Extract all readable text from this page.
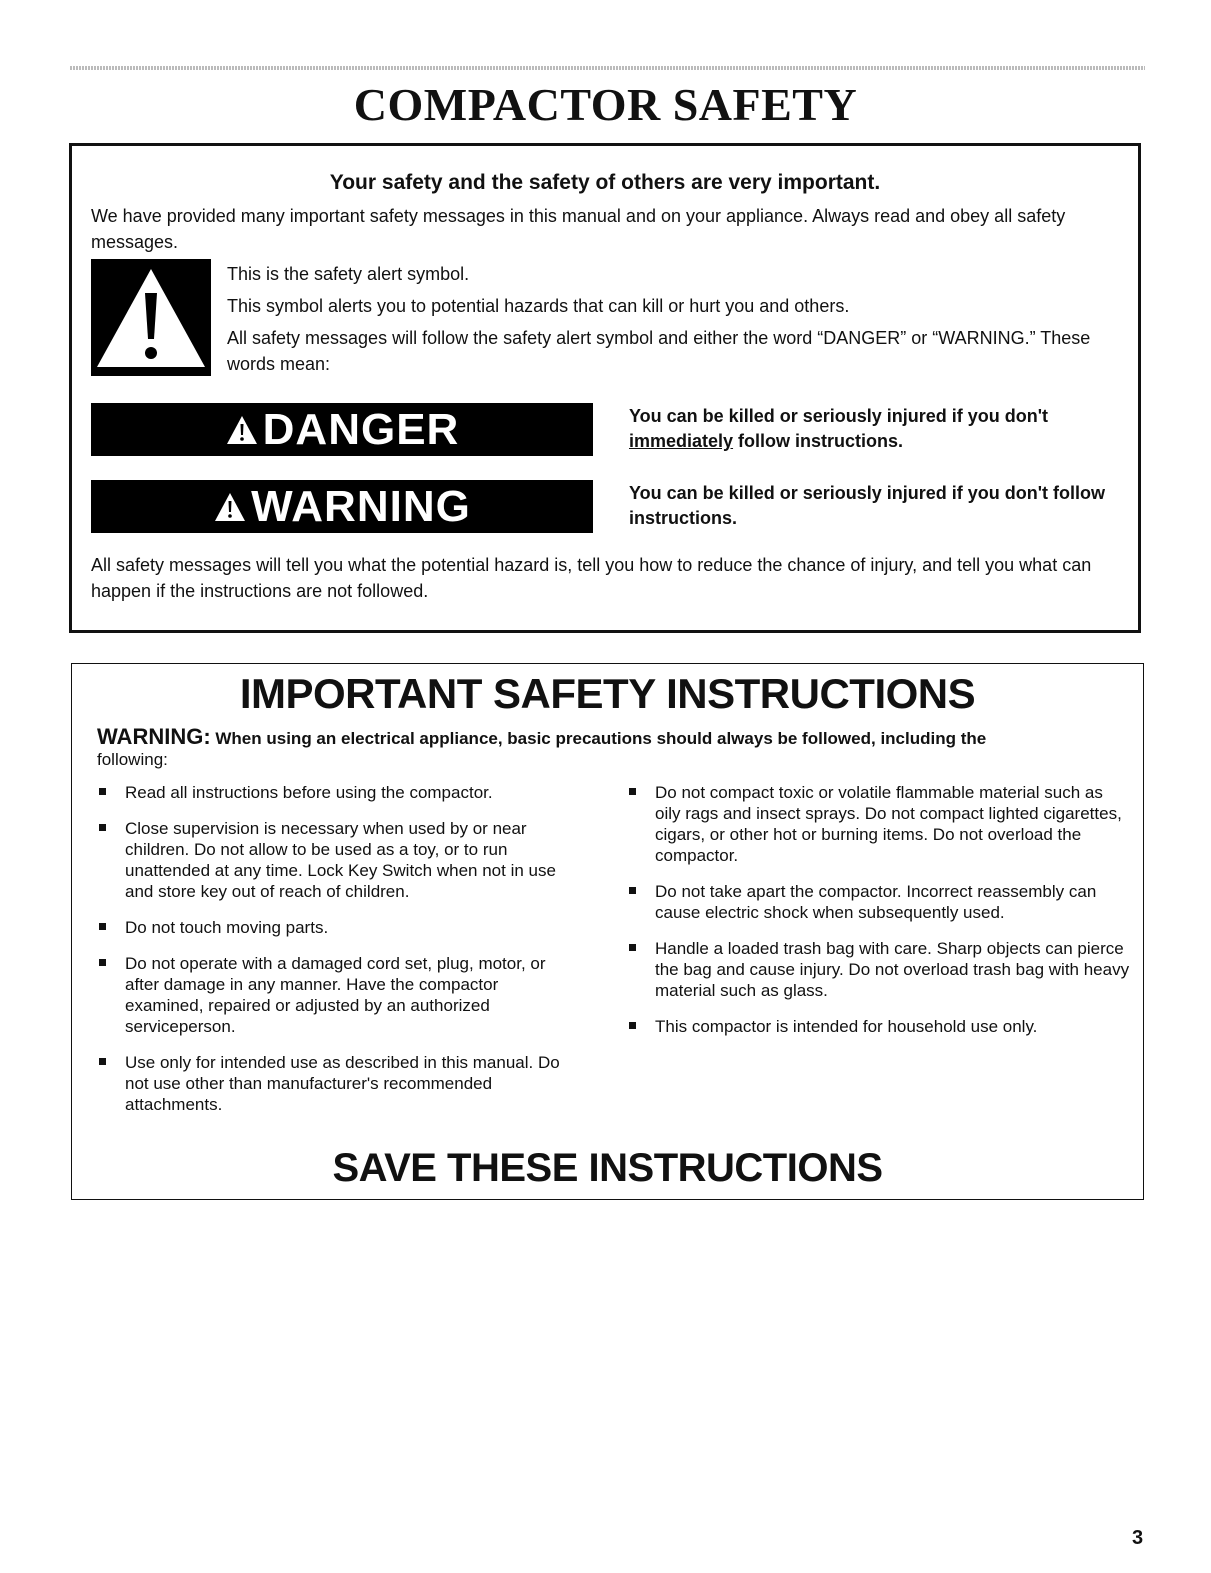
COMPACTOR SAFETY
Your safety and the safety of others are very important.

We have provided many important safety messages in this manual and on your appliance. Always read and obey all safety messages.

This is the safety alert symbol.

This symbol alerts you to potential hazards that can kill or hurt you and others.

All safety messages will follow the safety alert symbol and either the word “DANGER” or “WARNING.” These words mean:

DANGER	You can be killed or seriously injured if you don't immediately follow instructions.

WARNING	You can be killed or seriously injured if you don't follow instructions.

All safety messages will tell you what the potential hazard is, tell you how to reduce the chance of injury, and tell you what can happen if the instructions are not followed.

IMPORTANT SAFETY INSTRUCTIONS

WARNING: When using an electrical appliance, basic precautions should always be followed, including the
following:

Read all instructions before using the compactor.
Close supervision is necessary when used by or near children. Do not allow to be used as a toy, or to run unattended at any time. Lock Key Switch when not in use and store key out of reach of children.
Do not touch moving parts.
Do not operate with a damaged cord set, plug, motor, or after damage in any manner. Have the compactor examined, repaired or adjusted by an authorized serviceperson.
Use only for intended use as described in this manual. Do not use other than manufacturer's recommended attachments.
Do not compact toxic or volatile flammable material such as oily rags and insect sprays. Do not compact lighted cigarettes, cigars, or other hot or burning items. Do not overload the compactor.
Do not take apart the compactor. Incorrect reassembly can cause electric shock when subsequently used.
Handle a loaded trash bag with care. Sharp objects can pierce the bag and cause injury. Do not overload trash bag with heavy material such as glass.
This compactor is intended for household use only.
SAVE THESE INSTRUCTIONS
3
